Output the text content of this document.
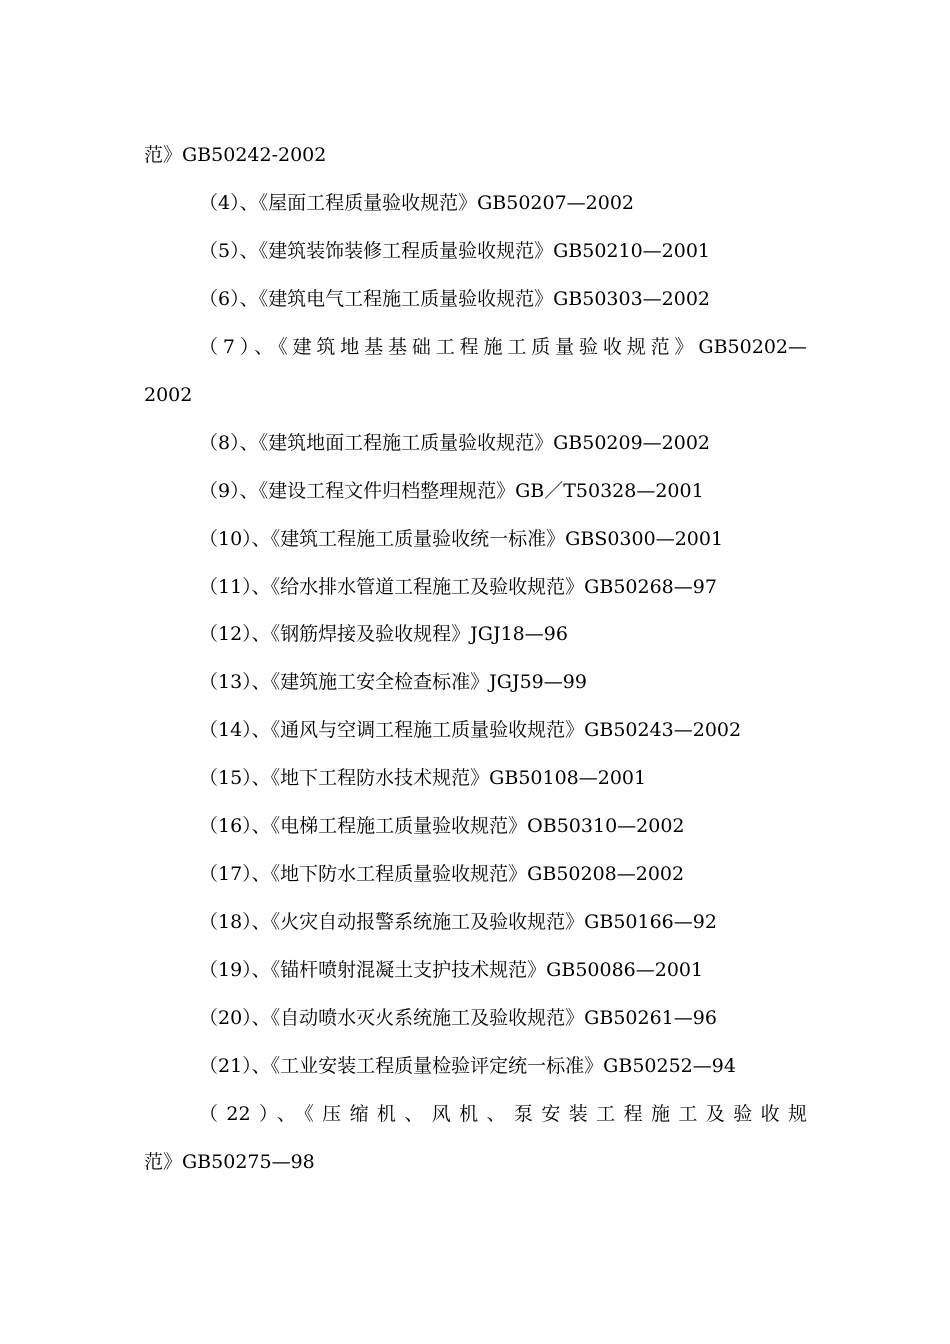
范》GB50242-2002
（4）、《屋面工程质量验收规范》GB50207—2002
（5）、《建筑装饰装修工程质量验收规范》GB50210—2001
（6）、《建筑电气工程施工质量验收规范》GB50303—2002
（7）、《建筑地基基础工程施工质量验收规范》GB50202—
2002
（8）、《建筑地面工程施工质量验收规范》GB50209—2002
（9）、《建设工程文件归档整理规范》GB／T50328—2001
（10）、《建筑工程施工质量验收统一标准》GBS0300—2001
（11）、《给水排水管道工程施工及验收规范》GB50268—97
（12）、《钢筋焊接及验收规程》JGJ18—96
（13）、《建筑施工安全检查标准》JGJ59—99
（14）、《通风与空调工程施工质量验收规范》GB50243—2002
（15）、《地下工程防水技术规范》GB50108—2001
（16）、《电梯工程施工质量验收规范》OB50310—2002
（17）、《地下防水工程质量验收规范》GB50208—2002
（18）、《火灾自动报警系统施工及验收规范》GB50166—92
（19）、《锚杆喷射混凝土支护技术规范》GB50086—2001
（20）、《自动喷水灭火系统施工及验收规范》GB50261—96
（21）、《工业安装工程质量检验评定统一标准》GB50252—94
（22）、《压缩机、风机、泵安装工程施工及验收规
范》GB50275—98
